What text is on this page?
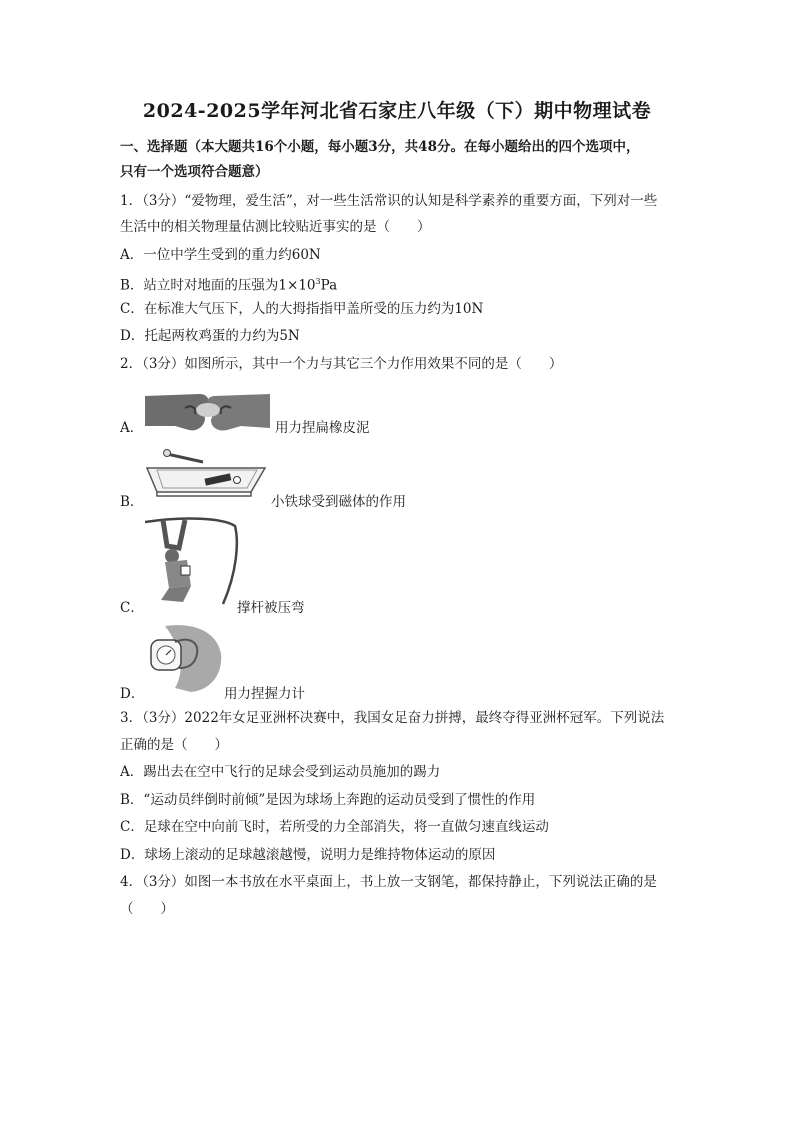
2024-2025学年河北省石家庄八年级（下）期中物理试卷
一、选择题（本大题共16个小题，每小题3分，共48分。在每小题给出的四个选项中，
只有一个选项符合题意）
1．（3分）“爱物理，爱生活”，对一些生活常识的认知是科学素养的重要方面，下列对一些
生活中的相关物理量估测比较贴近事实的是（　　）
A．一位中学生受到的重力约60N
B．站立时对地面的压强为$1\times 10^3Pa$
C．在标准大气压下，人的大拇指指甲盖所受的压力约为10N
D．托起两枚鸡蛋的力约为5N
2．（3分）如图所示，其中一个力与其它三个力作用效果不同的是（　　）
A．	用力捏扁橡皮泥
B．	小铁球受到磁体的作用
C．	撑杆被压弯
D．	用力捏握力计
3．（3分）2022年女足亚洲杯决赛中，我国女足奋力拼搏，最终夺得亚洲杯冠军。下列说法
正确的是（　　）
A．踢出去在空中飞行的足球会受到运动员施加的踢力
B．“运动员绊倒时前倾”是因为球场上奔跑的运动员受到了惯性的作用
C．足球在空中向前飞时，若所受的力全部消失，将一直做匀速直线运动
D．球场上滚动的足球越滚越慢，说明力是维持物体运动的原因
4．（3分）如图一本书放在水平桌面上，书上放一支钢笔，都保持静止，下列说法正确的是
（　　）
